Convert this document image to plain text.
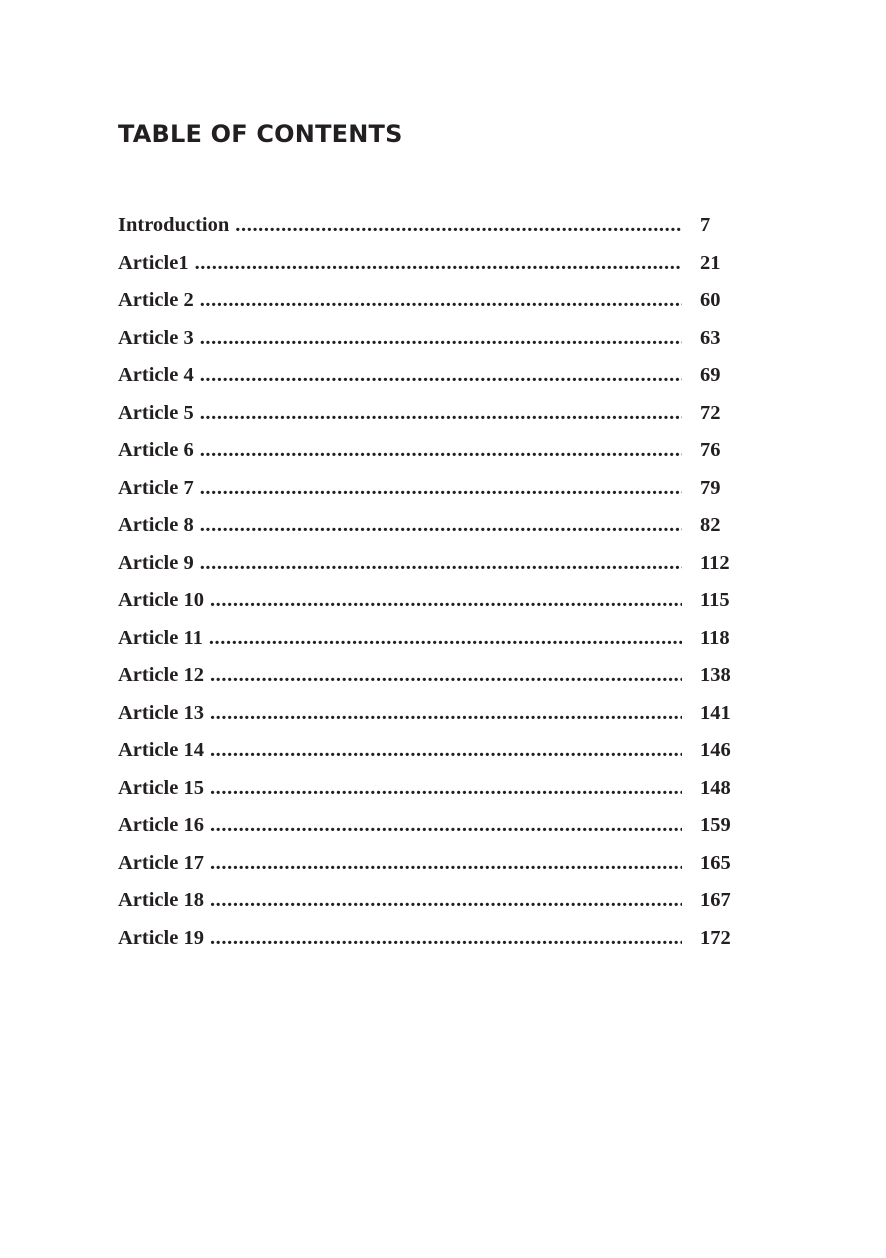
TABLE OF CONTENTS
Introduction .....	7
Article1 .....	21
Article 2 .....	60
Article 3 .....	63
Article 4 .....	69
Article 5 .....	72
Article 6 .....	76
Article 7 .....	79
Article 8 .....	82
Article 9 .....	112
Article 10 .....	115
Article 11 .....	118
Article 12 .....	138
Article 13 .....	141
Article 14 .....	146
Article 15 .....	148
Article 16 .....	159
Article 17 .....	165
Article 18 .....	167
Article 19 .....	172
